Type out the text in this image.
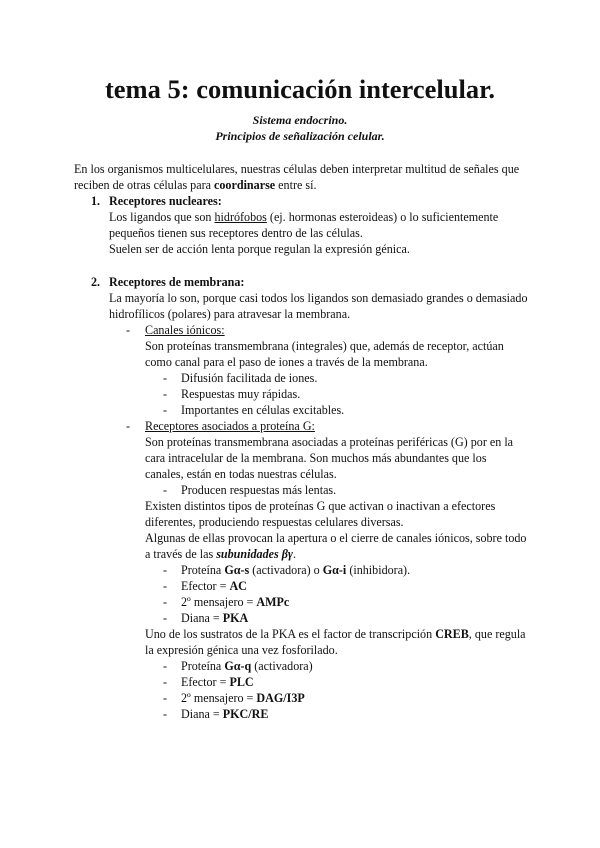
tema 5: comunicación intercelular.
Sistema endocrino.
Principios de señalización celular.
En los organismos multicelulares, nuestras células deben interpretar multitud de señales que
reciben de otras células para coordinarse entre sí.
1. Receptores nucleares:
Los ligandos que son hidrófobos (ej. hormonas esteroideas) o lo suficientemente
pequeños tienen sus receptores dentro de las células.
Suelen ser de acción lenta porque regulan la expresión génica.
2. Receptores de membrana:
La mayoría lo son, porque casi todos los ligandos son demasiado grandes o demasiado
hidrofílicos (polares) para atravesar la membrana.
- Canales iónicos:
Son proteínas transmembrana (integrales) que, además de receptor, actúan
como canal para el paso de iones a través de la membrana.
- Difusión facilitada de iones.
- Respuestas muy rápidas.
- Importantes en células excitables.
- Receptores asociados a proteína G:
Son proteínas transmembrana asociadas a proteínas periféricas (G) por en la
cara intracelular de la membrana. Son muchos más abundantes que los
canales, están en todas nuestras células.
- Producen respuestas más lentas.
Existen distintos tipos de proteínas G que activan o inactivan a efectores
diferentes, produciendo respuestas celulares diversas.
Algunas de ellas provocan la apertura o el cierre de canales iónicos, sobre todo
a través de las subunidades βγ.
- Proteína Gα-s (activadora) o Gα-i (inhibidora).
- Efector = AC
- 2º mensajero = AMPc
- Diana = PKA
Uno de los sustratos de la PKA es el factor de transcripción CREB, que regula
la expresión génica una vez fosforilado.
- Proteína Gα-q (activadora)
- Efector = PLC
- 2º mensajero = DAG/I3P
- Diana = PKC/RE
